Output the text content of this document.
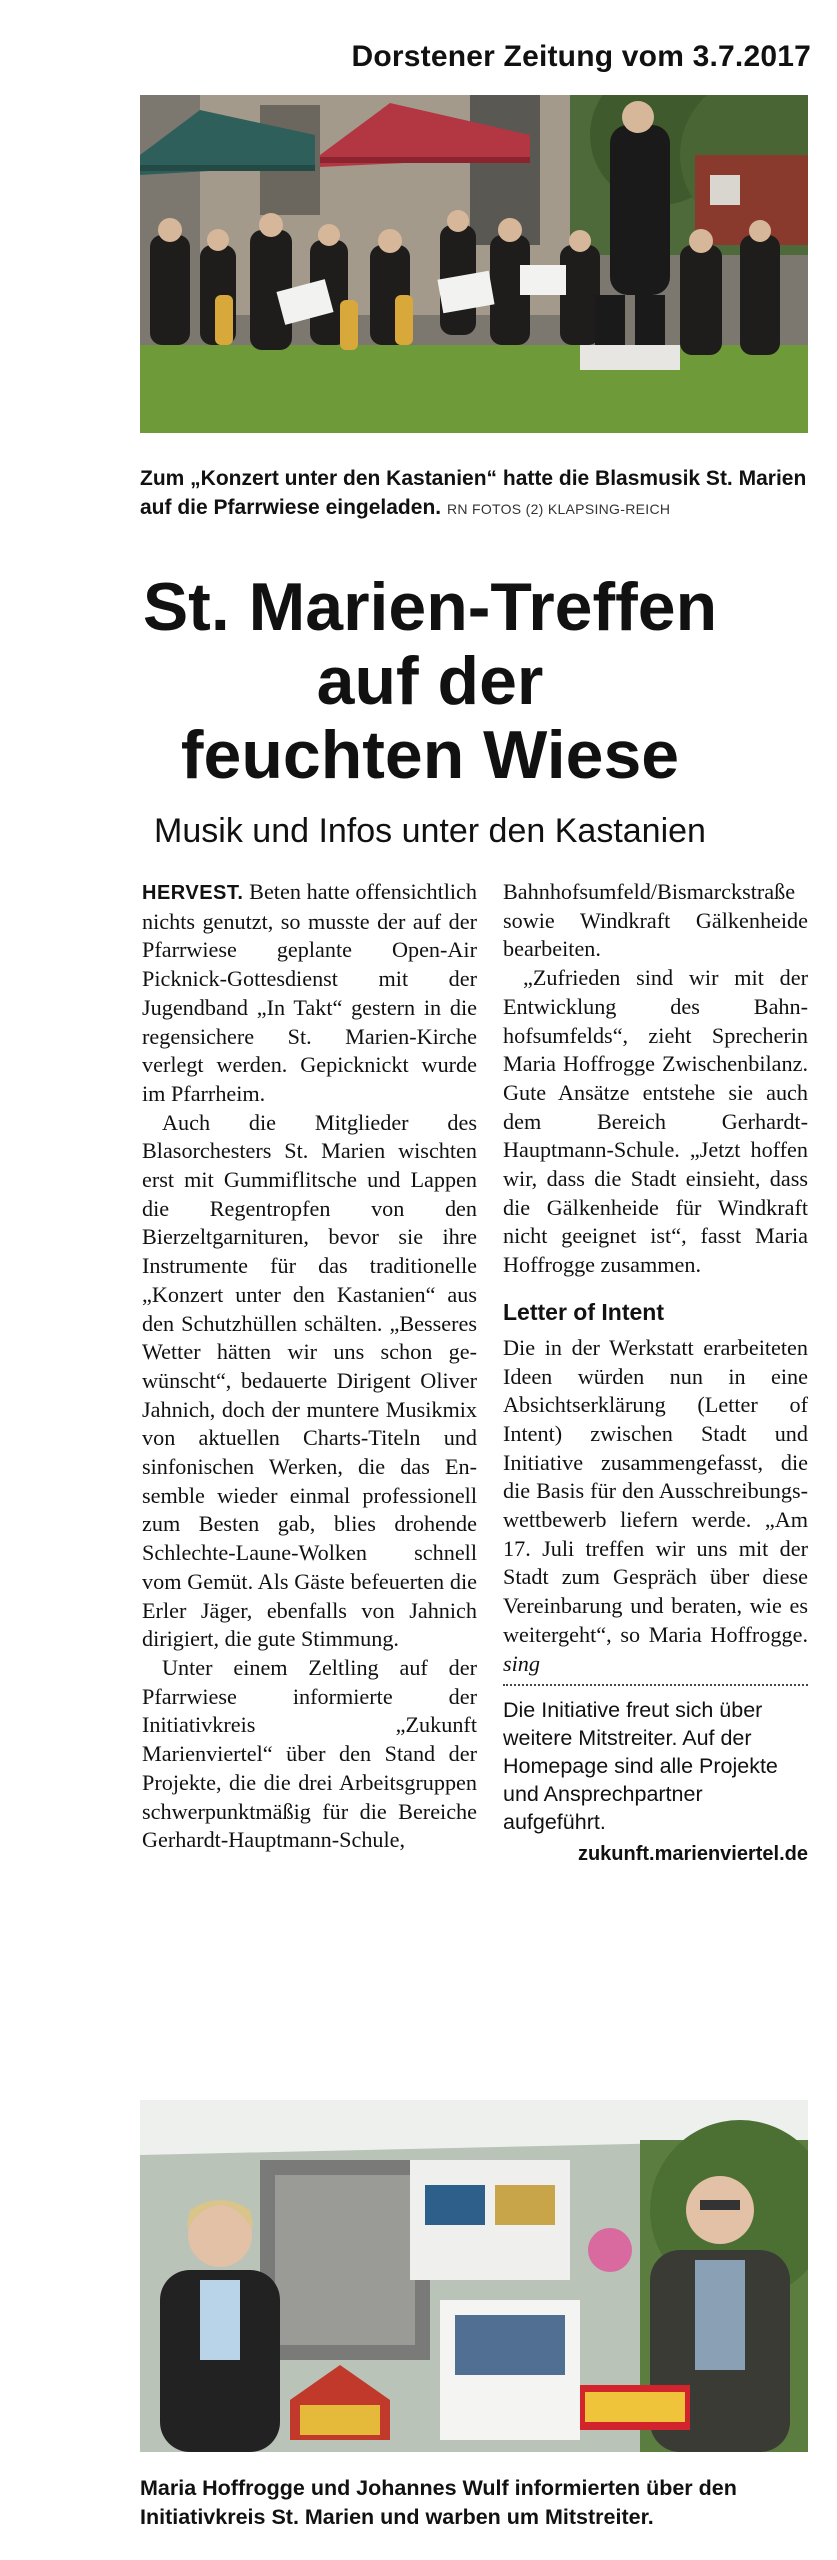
Dorstener Zeitung vom 3.7.2017
Zum „Konzert unter den Kastanien“ hatte die Blasmusik St. Marien auf die Pfarrwiese eingeladen. RN FOTOS (2) KLAPSING-REICH
St. Marien-Treffen
auf der
feuchten Wiese
Musik und Infos unter den Kastanien

HERVEST. Beten hatte offensichtlich nichts genutzt, so musste der auf der Pfarrwiese geplante Open-Air Picknick-Gottesdienst mit der Jugendband „In Takt“ gestern in die regensichere St. Marien-Kirche verlegt werden. Gepicknickt wurde im Pfarrheim.

Auch die Mitglieder des Blasorchesters St. Marien wischten erst mit Gummiflitsche und Lappen die Regentropfen von den Bierzeltgarnituren, bevor sie ihre Instrumente für das traditionelle „Konzert unter den Kastanien“ aus den Schutzhüllen schälten. „Besseres Wetter hätten wir uns schon gewünscht“, bedauerte Dirigent Oliver Jahnich, doch der muntere Musikmix von aktuellen Charts-Titeln und sinfonischen Werken, die das Ensemble wieder einmal professionell zum Besten gab, blies drohende Schlechte-Laune-Wolken schnell vom Gemüt. Als Gäste befeuerten die Erler Jäger, ebenfalls von Jahnich dirigiert, die gute Stimmung.

Unter einem Zeltling auf der Pfarrwiese informierte der Initiativkreis „Zukunft Marienviertel“ über den Stand der Projekte, die die drei Arbeitsgruppen schwerpunktmäßig für die Bereiche Gerhardt-Hauptmann-Schule,

Bahnhofsumfeld/Bismarckstraße sowie Windkraft Gälkenheide bearbeiten.

„Zufrieden sind wir mit der Entwicklung des Bahnhofsumfelds“, zieht Sprecherin Maria Hoffrogge Zwischenbilanz. Gute Ansätze entstehe sie auch dem Bereich Gerhardt-Hauptmann-Schule. „Jetzt hoffen wir, dass die Stadt einsieht, dass die Gälkenheide für Windkraft nicht geeignet ist“, fasst Maria Hoffrogge zusammen.

Letter of Intent

Die in der Werkstatt erarbeiteten Ideen würden nun in eine Absichtserklärung (Letter of Intent) zwischen Stadt und Initiative zusammengefasst, die die Basis für den Ausschreibungswettbewerb liefern werde. „Am 17. Juli treffen wir uns mit der Stadt zum Gespräch über diese Vereinbarung und beraten, wie es weitergeht“, so Maria Hoffrogge. sing

Die Initiative freut sich über weitere Mitstreiter. Auf der Homepage sind alle Projekte und Ansprechpartner aufgeführt.
zukunft.marienviertel.de
Maria Hoffrogge und Johannes Wulf informierten über den Initiativkreis St. Marien und warben um Mitstreiter.
